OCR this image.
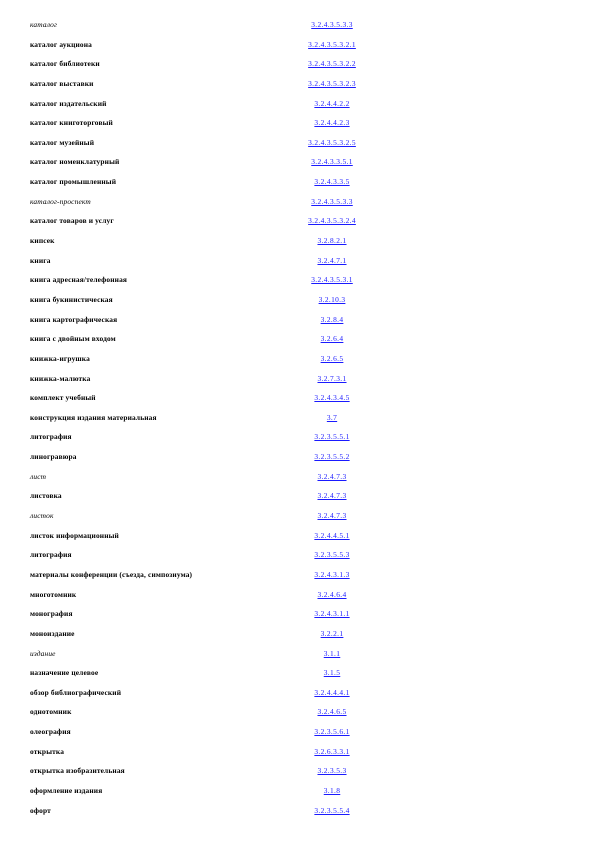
каталог	3.2.4.3.5.3.3
каталог аукциона	3.2.4.3.5.3.2.1
каталог библиотеки	3.2.4.3.5.3.2.2
каталог выставки	3.2.4.3.5.3.2.3
каталог издательский	3.2.4.4.2.2
каталог книготорговый	3.2.4.4.2.3
каталог музейный	3.2.4.3.5.3.2.5
каталог номенклатурный	3.2.4.3.3.5.1
каталог промышленный	3.2.4.3.3.5
каталог-проспект	3.2.4.3.5.3.3
каталог товаров и услуг	3.2.4.3.5.3.2.4
кипсек	3.2.8.2.1
книга	3.2.4.7.1
книга адресная/телефонная	3.2.4.3.5.3.1
книга букинистическая	3.2.10.3
книга картографическая	3.2.8.4
книга с двойным входом	3.2.6.4
книжка-игрушка	3.2.6.5
книжка-малютка	3.2.7.3.1
комплект учебный	3.2.4.3.4.5
конструкция издания материальная	3.7
литография	3.2.3.5.5.1
линогравюра	3.2.3.5.5.2
лист	3.2.4.7.3
листовка	3.2.4.7.3
листок	3.2.4.7.3
листок информационный	3.2.4.4.5.1
литография	3.2.3.5.5.3
материалы конференции (съезда, симпозиума)	3.2.4.3.1.3
многотомник	3.2.4.6.4
монография	3.2.4.3.1.1
моноиздание	3.2.2.1
издание	3.1.1
назначение целевое	3.1.5
обзор библиографический	3.2.4.4.4.1
однотомник	3.2.4.6.5
олеография	3.2.3.5.6.1
открытка	3.2.6.3.3.1
открытка изобразительная	3.2.3.5.3
оформление издания	3.1.8
офорт	3.2.3.5.5.4
